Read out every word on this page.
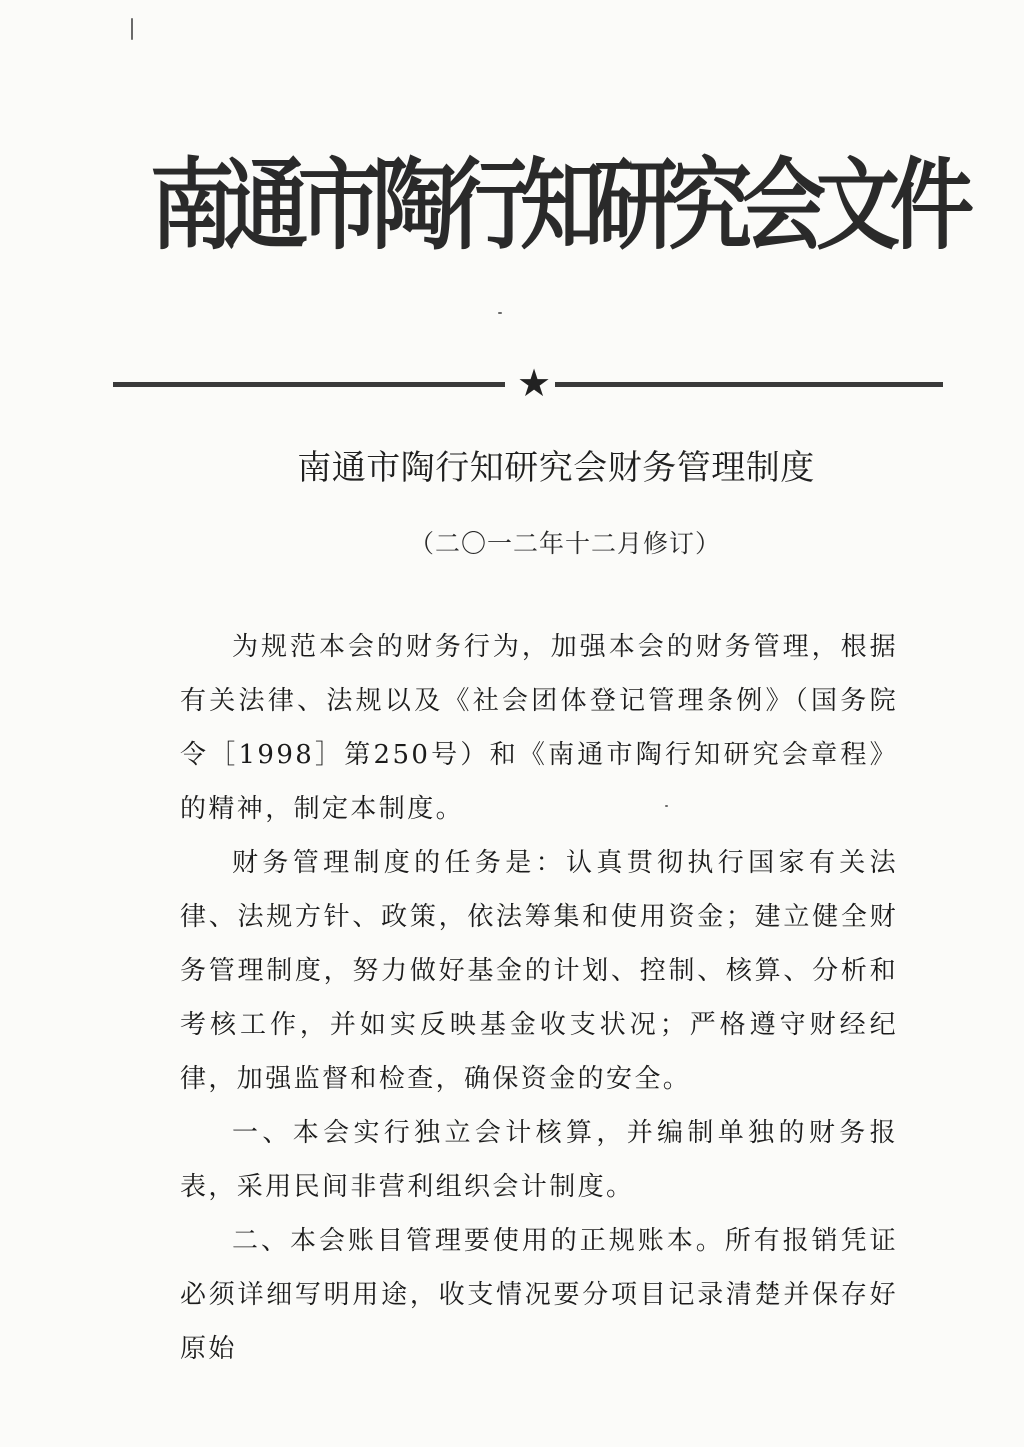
南
通
市
陶
行
知
研
究
会
文
件
★
南通市陶行知研究会财务管理制度
（二〇一二年十二月修订）

为规范本会的财务行为，加强本会的财务管理，根据有关法律、法规以及《社会团体登记管理条例》（国务院令［1998］第250号）和《南通市陶行知研究会章程》的精神，制定本制度。

财务管理制度的任务是：认真贯彻执行国家有关法律、法规方针、政策，依法筹集和使用资金；建立健全财务管理制度，努力做好基金的计划、控制、核算、分析和考核工作，并如实反映基金收支状况；严格遵守财经纪律，加强监督和检查，确保资金的安全。

一、本会实行独立会计核算，并编制单独的财务报表，采用民间非营利组织会计制度。

二、本会账目管理要使用的正规账本。所有报销凭证必须详细写明用途，收支情况要分项目记录清楚并保存好原始
